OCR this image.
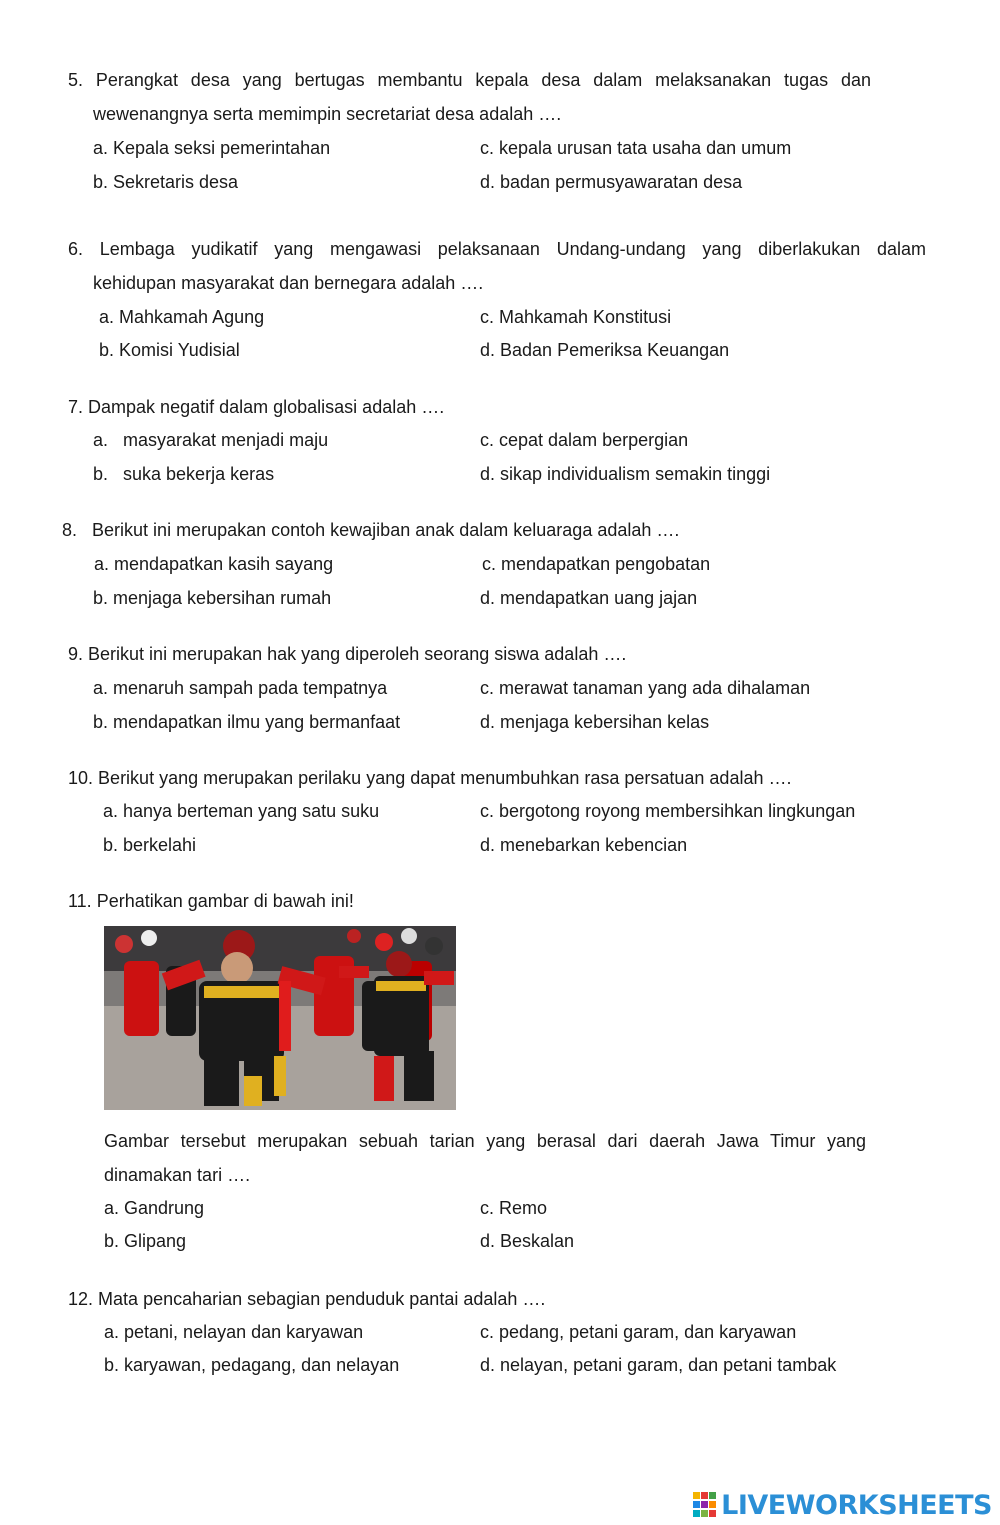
5. Perangkat desa yang bertugas membantu kepala desa dalam melaksanakan tugas dan
wewenangnya serta memimpin secretariat desa adalah ….
a. Kepala seksi pemerintahan
b. Sekretaris desa
c. kepala urusan tata usaha dan umum
d. badan permusyawaratan desa
6. Lembaga yudikatif yang mengawasi pelaksanaan Undang-undang yang diberlakukan dalam
kehidupan masyarakat dan bernegara adalah ….
a. Mahkamah Agung
b. Komisi Yudisial
c. Mahkamah Konstitusi
d. Badan Pemeriksa Keuangan
7. Dampak negatif dalam globalisasi adalah ….
a.   masyarakat menjadi maju
b.   suka bekerja keras
c. cepat dalam berpergian
d. sikap individualism semakin tinggi
8. Berikut ini merupakan contoh kewajiban anak dalam keluaraga adalah ….
a. mendapatkan kasih sayang
b. menjaga kebersihan rumah
c. mendapatkan pengobatan
d. mendapatkan uang jajan
9. Berikut ini merupakan hak yang diperoleh seorang siswa adalah ….
a. menaruh sampah pada tempatnya
b. mendapatkan ilmu yang bermanfaat
c. merawat tanaman yang ada dihalaman
d. menjaga kebersihan kelas
10. Berikut yang merupakan perilaku yang dapat menumbuhkan rasa persatuan adalah ….
a. hanya berteman yang satu suku
b. berkelahi
c. bergotong royong membersihkan lingkungan
d. menebarkan kebencian
11. Perhatikan gambar di bawah ini!
Gambar tersebut merupakan sebuah tarian yang berasal dari daerah Jawa Timur yang
dinamakan tari ….
a. Gandrung
b. Glipang
c. Remo
d. Beskalan
12. Mata pencaharian sebagian penduduk pantai adalah ….
a. petani, nelayan dan karyawan
b. karyawan, pedagang, dan nelayan
c. pedang, petani garam, dan karyawan
d. nelayan, petani garam, dan petani tambak
LIVEWORKSHEETS
